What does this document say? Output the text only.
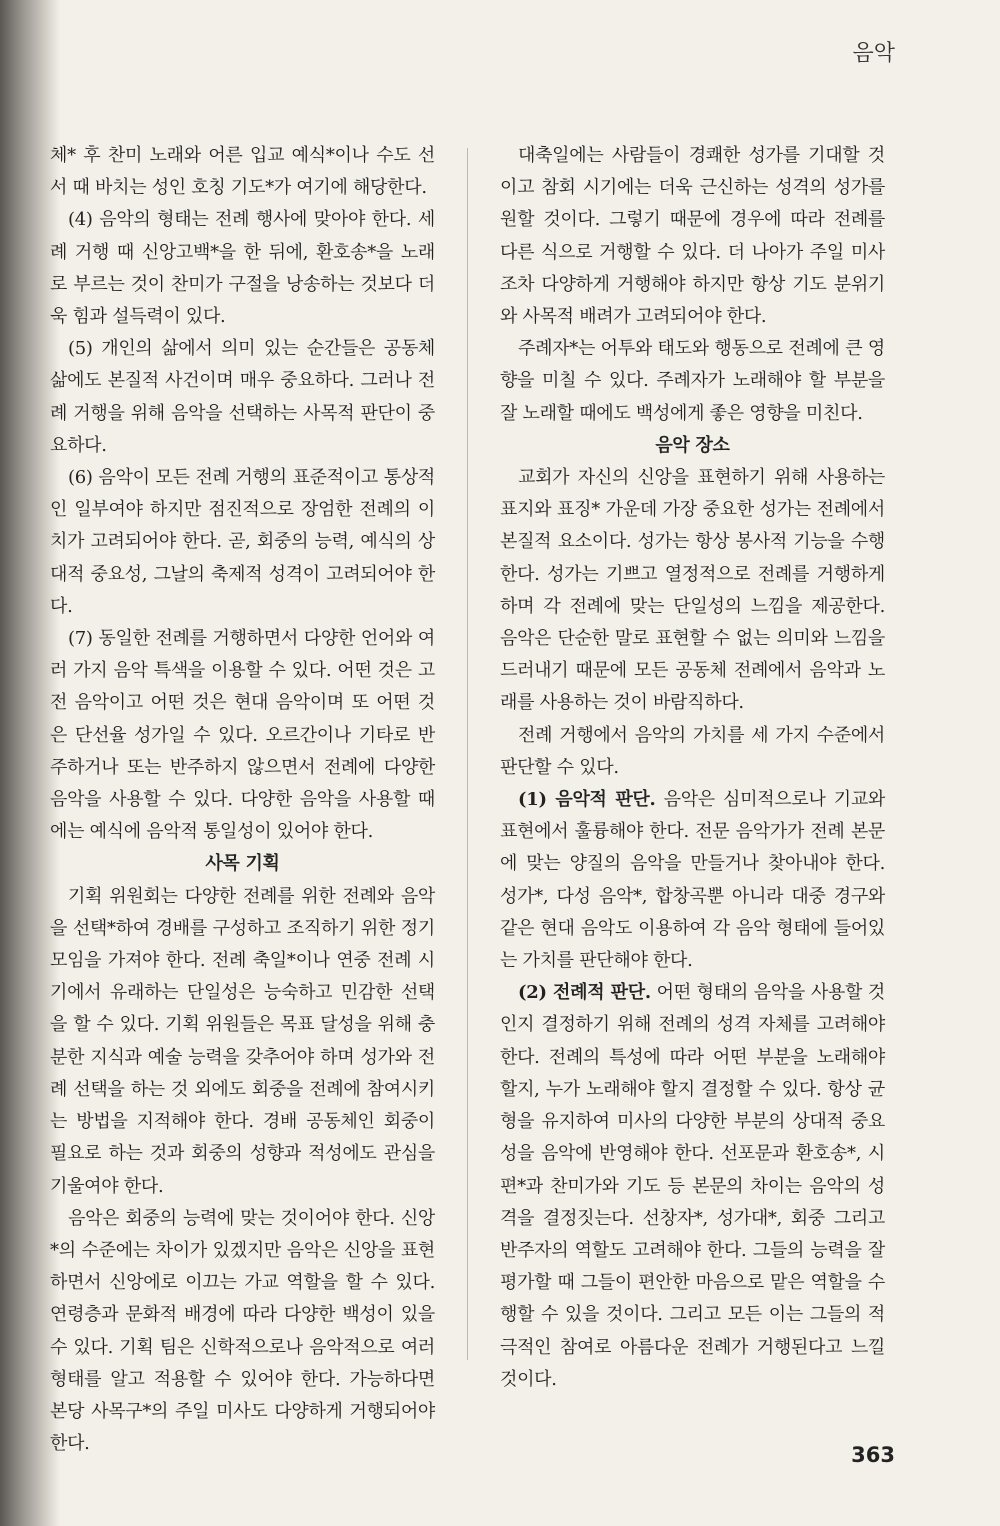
음악

체* 후 찬미 노래와 어른 입교 예식*이나 수도 선서 때 바치는 성인 호칭 기도*가 여기에 해당한다.

(4) 음악의 형태는 전례 행사에 맞아야 한다. 세례 거행 때 신앙고백*을 한 뒤에, 환호송*을 노래로 부르는 것이 찬미가 구절을 낭송하는 것보다 더 욱 힘과 설득력이 있다.

(5) 개인의 삶에서 의미 있는 순간들은 공동체 삶에도 본질적 사건이며 매우 중요하다. 그러나 전례 거행을 위해 음악을 선택하는 사목적 판단이 중요하다.

(6) 음악이 모든 전례 거행의 표준적이고 통상적인 일부여야 하지만 점진적으로 장엄한 전례의 이치가 고려되어야 한다. 곧, 회중의 능력, 예식의 상대적 중요성, 그날의 축제적 성격이 고려되어야 한다.

(7) 동일한 전례를 거행하면서 다양한 언어와 여러 가지 음악 특색을 이용할 수 있다. 어떤 것은 고전 음악이고 어떤 것은 현대 음악이며 또 어떤 것은 단선율 성가일 수 있다. 오르간이나 기타로 반주하거나 또는 반주하지 않으면서 전례에 다양한 음악을 사용할 수 있다. 다양한 음악을 사용할 때에는 예식에 음악적 통일성이 있어야 한다.

사목 기획

기획 위원회는 다양한 전례를 위한 전례와 음악을 선택*하여 경배를 구성하고 조직하기 위한 정기 모임을 가져야 한다. 전례 축일*이나 연중 전례 시기에서 유래하는 단일성은 능숙하고 민감한 선택을 할 수 있다. 기획 위원들은 목표 달성을 위해 충분한 지식과 예술 능력을 갖추어야 하며 성가와 전례 선택을 하는 것 외에도 회중을 전례에 참여시키는 방법을 지적해야 한다. 경배 공동체인 회중이 필요로 하는 것과 회중의 성향과 적성에도 관심을 기울여야 한다.

음악은 회중의 능력에 맞는 것이어야 한다. 신앙*의 수준에는 차이가 있겠지만 음악은 신앙을 표현하면서 신앙에로 이끄는 가교 역할을 할 수 있다. 연령층과 문화적 배경에 따라 다양한 백성이 있을 수 있다. 기획 팀은 신학적으로나 음악적으로 여러 형태를 알고 적용할 수 있어야 한다. 가능하다면 본당 사목구*의 주일 미사도 다양하게 거행되어야 한다.

대축일에는 사람들이 경쾌한 성가를 기대할 것이고 참회 시기에는 더욱 근신하는 성격의 성가를 원할 것이다. 그렇기 때문에 경우에 따라 전례를 다른 식으로 거행할 수 있다. 더 나아가 주일 미사조차 다양하게 거행해야 하지만 항상 기도 분위기와 사목적 배려가 고려되어야 한다.

주례자*는 어투와 태도와 행동으로 전례에 큰 영향을 미칠 수 있다. 주례자가 노래해야 할 부분을 잘 노래할 때에도 백성에게 좋은 영향을 미친다.

음악 장소

교회가 자신의 신앙을 표현하기 위해 사용하는 표지와 표징* 가운데 가장 중요한 성가는 전례에서 본질적 요소이다. 성가는 항상 봉사적 기능을 수행한다. 성가는 기쁘고 열정적으로 전례를 거행하게 하며 각 전례에 맞는 단일성의 느낌을 제공한다. 음악은 단순한 말로 표현할 수 없는 의미와 느낌을 드러내기 때문에 모든 공동체 전례에서 음악과 노래를 사용하는 것이 바람직하다.

전례 거행에서 음악의 가치를 세 가지 수준에서 판단할 수 있다.

(1) 음악적 판단. 음악은 심미적으로나 기교와 표현에서 훌륭해야 한다. 전문 음악가가 전례 본문에 맞는 양질의 음악을 만들거나 찾아내야 한다. 성가*, 다성 음악*, 합창곡뿐 아니라 대중 경구와 같은 현대 음악도 이용하여 각 음악 형태에 들어있는 가치를 판단해야 한다.

(2) 전례적 판단. 어떤 형태의 음악을 사용할 것인지 결정하기 위해 전례의 성격 자체를 고려해야 한다. 전례의 특성에 따라 어떤 부분을 노래해야 할지, 누가 노래해야 할지 결정할 수 있다. 항상 균형을 유지하여 미사의 다양한 부분의 상대적 중요성을 음악에 반영해야 한다. 선포문과 환호송*, 시편*과 찬미가와 기도 등 본문의 차이는 음악의 성격을 결정짓는다. 선창자*, 성가대*, 회중 그리고 반주자의 역할도 고려해야 한다. 그들의 능력을 잘 평가할 때 그들이 편안한 마음으로 맡은 역할을 수행할 수 있을 것이다. 그리고 모든 이는 그들의 적극적인 참여로 아름다운 전례가 거행된다고 느낄 것이다.

363
